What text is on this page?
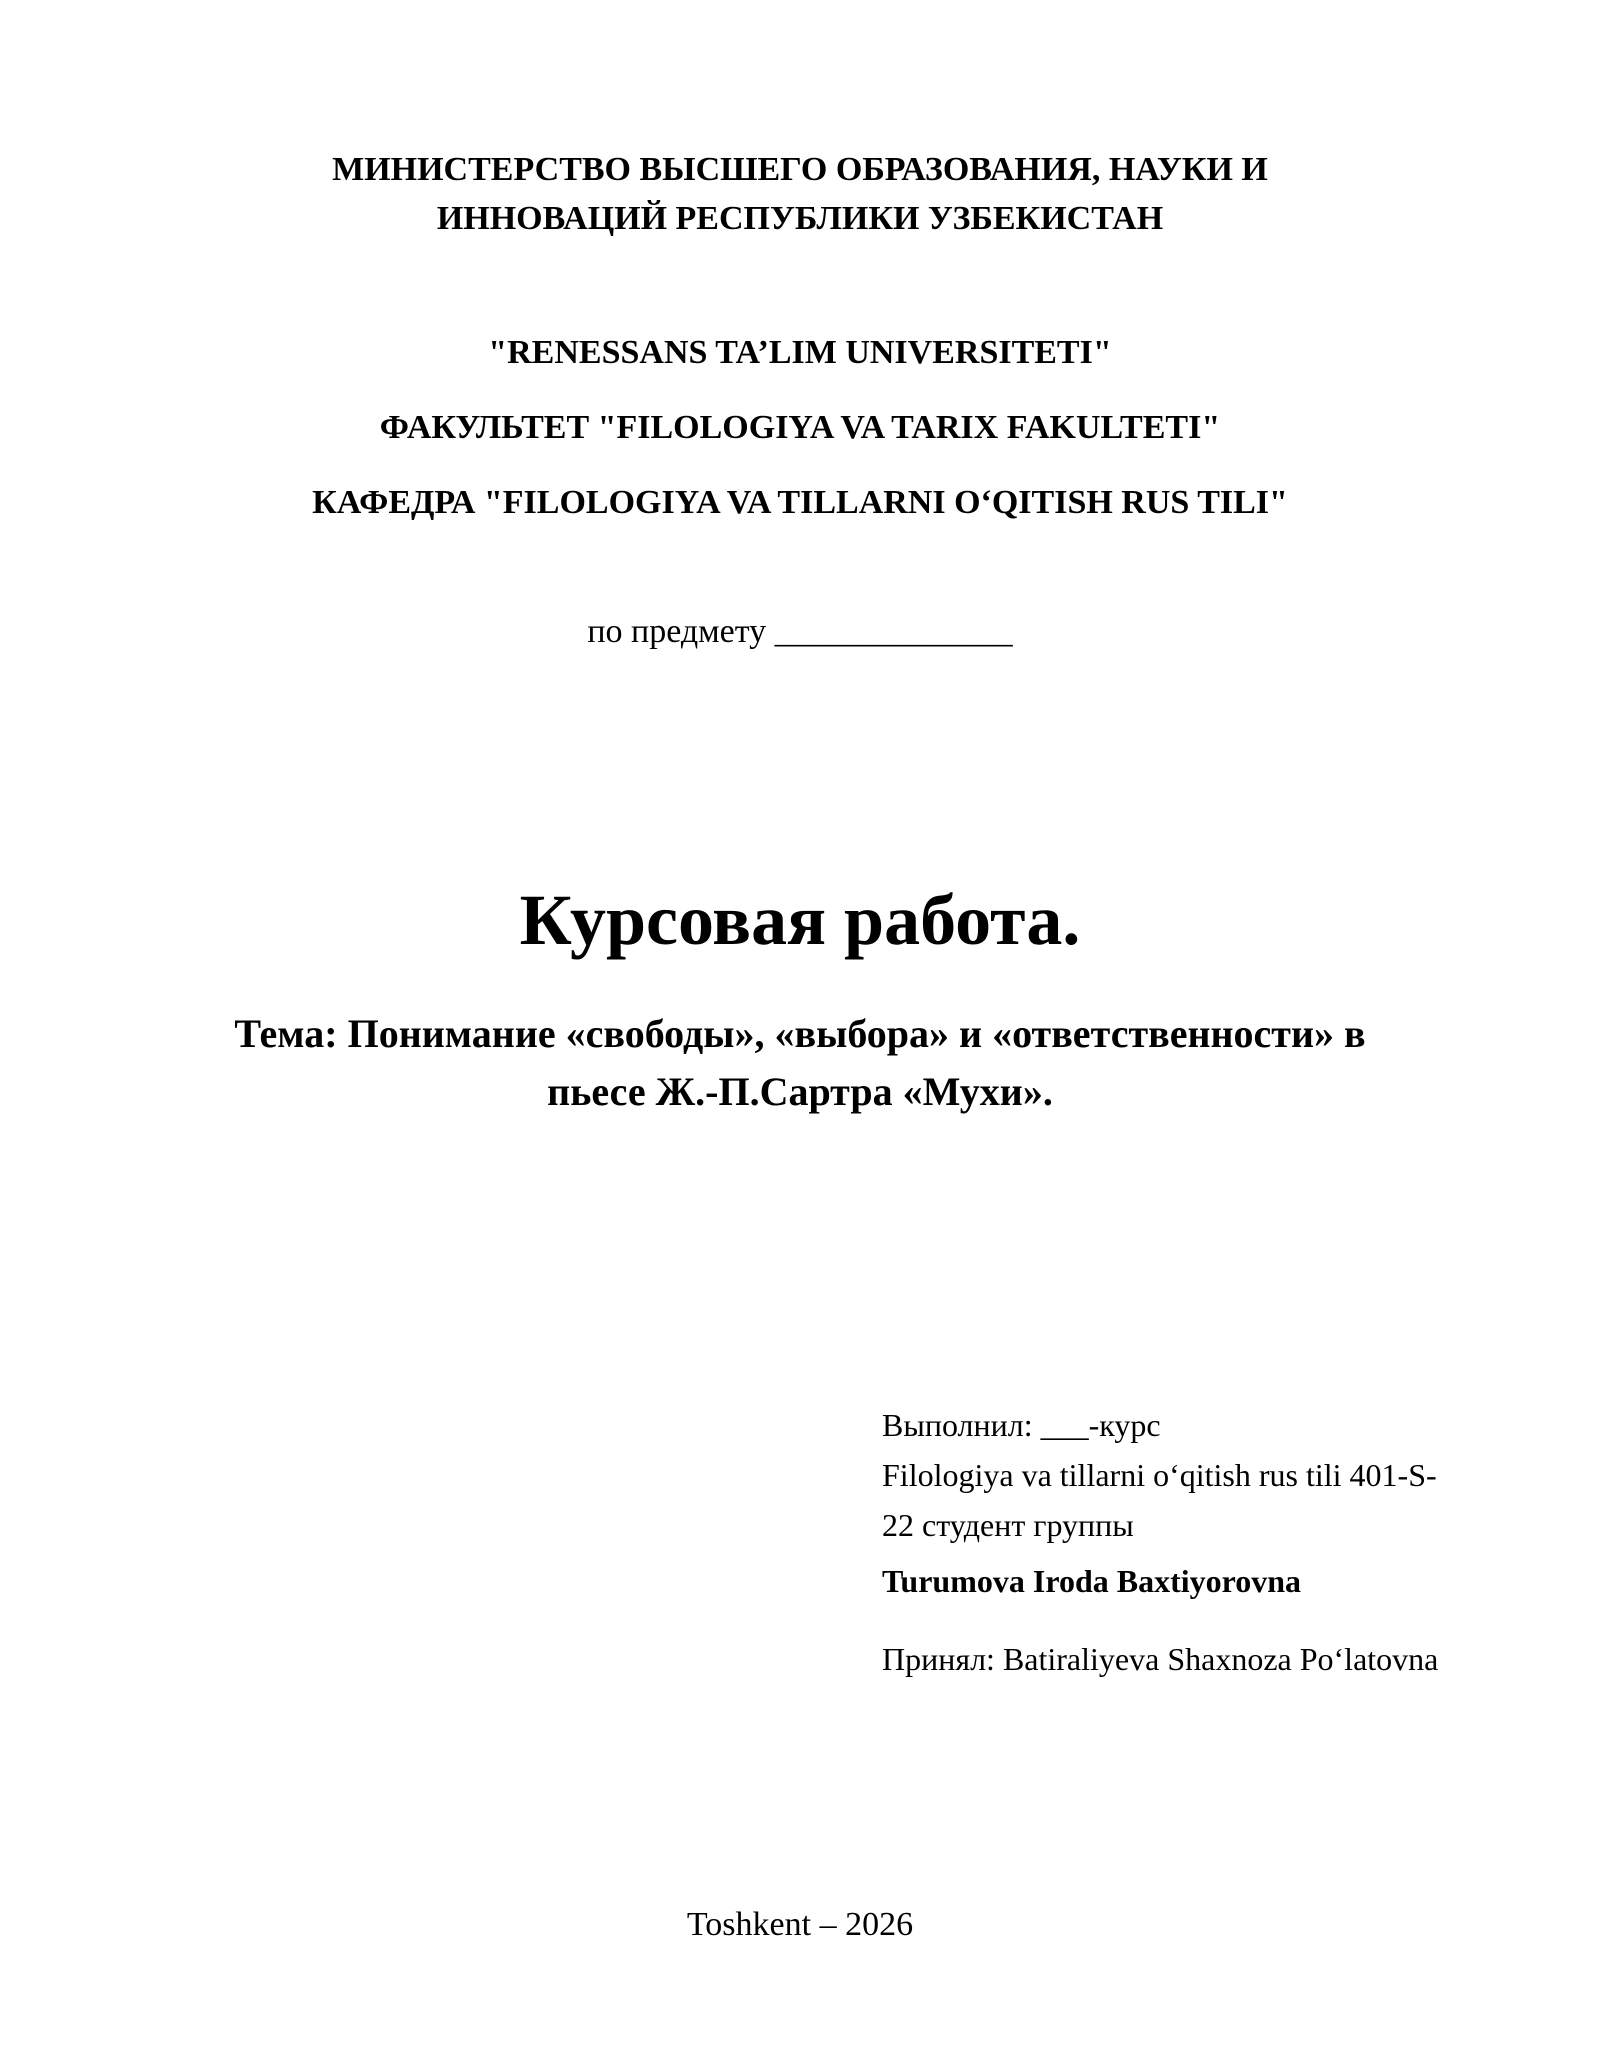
МИНИСТЕРСТВО ВЫСШЕГО ОБРАЗОВАНИЯ, НАУКИ И
ИННОВАЦИЙ РЕСПУБЛИКИ УЗБЕКИСТАН
"RENESSANS TA’LIM UNIVERSITETI"
ФАКУЛЬТЕТ "FILOLOGIYA VA TARIX FAKULTETI"
КАФЕДРА "FILOLOGIYA VA TILLARNI O‘QITISH RUS TILI"
по предмету ______________
Курсовая работа.
Тема: Понимание «свободы», «выбора» и «ответственности» в
пьесе Ж.-П.Сартра «Мухи».
Выполнил: ___-курс
Filologiya va tillarni o‘qitish rus tili 401-S-
22 студент группы
Turumova Iroda Baxtiyorovna
Принял: Batiraliyeva Shaxnoza Po‘latovna
Toshkent – 2026
